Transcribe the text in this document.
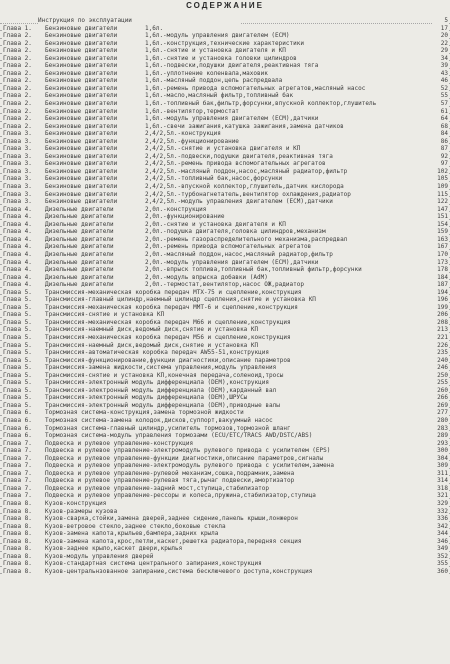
СОДЕРЖАНИЕ
Инструкция по эксплуатации	5
Глава 1.	Бензиновые двигатели	1,6л.	17
Глава 2.	Бензиновые двигатели	1,6л.-модуль управления двигателем (ECM)	20
Глава 2.	Бензиновые двигатели	1,6л.-конструкция,технические характеристики	22
Глава 2.	Бензиновые двигатели	1,6л.-снятие и установка двигателя и КП	29
Глава 2.	Бензиновые двигатели	1,6л.-снятие и установка головки цилиндров	34
Глава 2.	Бензиновые двигатели	1,6л.-подвески,подушки двигателя,реактивная тяга	39
Глава 2.	Бензиновые двигатели	1,6л.-уплотнение коленвала,маховик	43
Глава 2.	Бензиновые двигатели	1,6л.-масляный поддон,цепь распредвала	46
Глава 2.	Бензиновые двигатели	1,6л.-ремень привода вспомогательных агрегатов,масляный насос	52
Глава 2.	Бензиновые двигатели	1,6л.-масло,масляный фильтр,топливный бак	55
Глава 2.	Бензиновые двигатели	1,6л.-топливный бак,фильтр,форсунки,впускной коллектор,глушитель	57
Глава 2.	Бензиновые двигатели	1,6л.-вентилятор,термостат	61
Глава 2.	Бензиновые двигатели	1,6л.-модуль управления двигателем (ECM),датчики	64
Глава 2.	Бензиновые двигатели	1,6л.-свечи зажигания,катушка зажигания,замена датчиков	68
Глава 3.	Бензиновые двигатели	2,4/2,5л.-конструкция	84
Глава 3.	Бензиновые двигатели	2,4/2,5л.-функционирование	86
Глава 3.	Бензиновые двигатели	2,4/2,5л.-снятие и установка двигателя и КП	87
Глава 3.	Бензиновые двигатели	2,4/2,5л.-подвески,подушки двигателя,реактивная тяга	92
Глава 3.	Бензиновые двигатели	2,4/2,5л.-ремень привода вспомогательных агрегатов	97
Глава 3.	Бензиновые двигатели	2,4/2,5л.-масляный поддон,насос,масляный радиатор,фильтр	102
Глава 3.	Бензиновые двигатели	2,4/2,5л.-топливный бак,насос,форсунки	105
Глава 3.	Бензиновые двигатели	2,4/2,5л.-впускной коллектор,глушитель,датчик кислорода	109
Глава 3.	Бензиновые двигатели	2,4/2,5л.-турбонагнетатель,вентилятор охлаждения,радиатор	115
Глава 3.	Бензиновые двигатели	2,4/2,5л.-модуль управления двигателем (ECM),датчики	122
Глава 4.	Дизельные двигатели	2,0л.-конструкция	147
Глава 4.	Дизельные двигатели	2,0л.-функционирование	151
Глава 4.	Дизельные двигатели	2,0л.-снятие и установка двигателя и КП	154
Глава 4.	Дизельные двигатели	2,0л.-подушка двигателя,головка цилиндров,механизм	159
Глава 4.	Дизельные двигатели	2,0л.-ремень газораспределительного механизма,распредвал	163
Глава 4.	Дизельные двигатели	2,0л.-ремень привода вспомогательных агрегатов	167
Глава 4.	Дизельные двигатели	2,0л.-масляный поддон,насос,масляный радиатор,фильтр	170
Глава 4.	Дизельные двигатели	2,0л.-модуль управления двигателем (ECM),датчики	173
Глава 4.	Дизельные двигатели	2,0л.-впрыск топлива,топливный бак,топливный фильтр,форсунки	178
Глава 4.	Дизельные двигатели	2,0л.-модуль впрыскa добавки (AdM)	184
Глава 4.	Дизельные двигатели	2,0л.-термостат,вентилятор,насос ОЖ,радиатор	187
Глава 5.	Трансмиссия-механическая коробка передач МТХ-75 и сцепление,конструкция	194
Глава 5.	Трансмиссия-главный цилиндр,наемный цилиндр сцепления,снятие и установка КП	196
Глава 5.	Трансмиссия-механическая коробка передач ММТ-6 и сцепление,конструкция	199
Глава 5.	Трансмиссия-снятие и установка КП	206
Глава 5.	Трансмиссия-механическая коробка передач M66 и сцепление,конструкция	208
Глава 5.	Трансмиссия-наемный диск,ведомый диск,снятие и установка КП	213
Глава 5.	Трансмиссия-механическая коробка передач M56 и сцепление,конструкция	221
Глава 5.	Трансмиссия-наемный диск,ведомый диск,снятие и установка КП	226
Глава 5.	Трансмиссия-автоматическая коробка передач AW55-51,конструкция	235
Глава 5.	Трансмиссия-функционирование,функции диагностики,описание параметров	240
Глава 5.	Трансмиссия-замена жидкости,система управления,модуль управления	246
Глава 5.	Трансмиссия-снятие и установка КП,конечная передача,соленоид,тросы	250
Глава 5.	Трансмиссия-электронный модуль дифференциала (DEM),конструкция	255
Глава 5.	Трансмиссия-электронный модуль дифференциала (DEM),карданный вал	260
Глава 5.	Трансмиссия-электронный модуль дифференциала (DEM),ШРУСы	266
Глава 5.	Трансмиссия-электронный модуль дифференциала (DEM),приводные валы	269
Глава 6.	Тормозная система-конструкция,замена тормозной жидкости	277
Глава 6.	Тормозная система-замена колодок,дисков,суппорт,вакуумный насос	280
Глава 6.	Тормозная система-главный цилиндр,усилитель тормозов,тормозной шланг	283
Глава 6.	Тормозная система-модуль управления тормозами (ECU/ETC/TRACS AWD/DSTC/ABS)	289
Глава 7.	Подвеска и рулевое управление-конструкция	293
Глава 7.	Подвеска и рулевое управление-электромодуль рулевого привода с усилителем (EPS)	300
Глава 7.	Подвеска и рулевое управление-функции диагностики,описание параметров,сигналы	304
Глава 7.	Подвеска и рулевое управление-электромодуль рулевого привода с усилителем,замена	309
Глава 7.	Подвеска и рулевое управление-рулевой механизм,сошка,подрамник,замена	311
Глава 7.	Подвеска и рулевое управление-рулевая тяга,рычаг подвески,амортизатор	314
Глава 7.	Подвеска и рулевое управление-задний мост,ступица,стабилизатор	318
Глава 7.	Подвеска и рулевое управление-рессоры и колеса,пружина,стабилизатор,ступица	321
Глава 8.	Кузов-конструкция	329
Глава 8.	Кузов-размеры кузова	332
Глава 8.	Кузов-сварка,стойки,замена дверей,заднее сидение,панель крыши,лонжерон	336
Глава 8.	Кузов-ветровое стекло,заднее стекло,боковые стекла	342
Глава 8.	Кузов-замена капота,крыльев,бампера,задних крыла	344
Глава 8.	Кузов-замена капота,крос,петли,каскет,решетка радиатора,передняя секция	346
Глава 8.	Кузов-заднее крыло,каскет двери,крылья	349
Глава 8.	Кузов-модуль управления дверей	352
Глава 8.	Кузов-стандартная система центрального запирания,конструкция	355
Глава 8.	Кузов-центральнзованное запирание,система бесключевого доступа,конструкция	360
